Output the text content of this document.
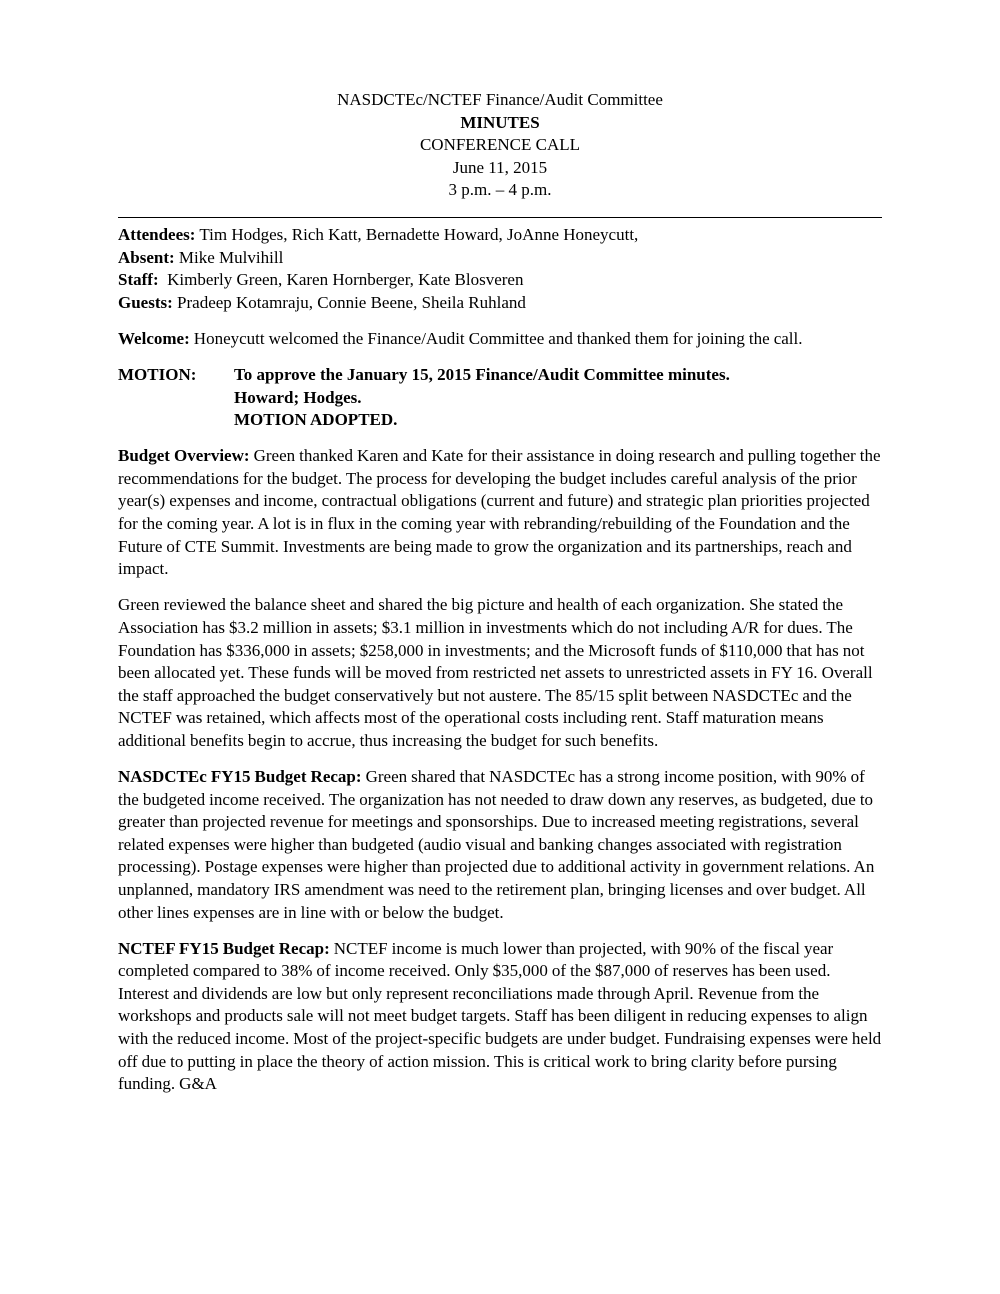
NASDCTEc/NCTEF Finance/Audit Committee
MINUTES
CONFERENCE CALL
June 11, 2015
3 p.m. – 4 p.m.

Attendees: Tim Hodges, Rich Katt, Bernadette Howard, JoAnne Honeycutt,

Absent: Mike Mulvihill

Staff:  Kimberly Green, Karen Hornberger, Kate Blosveren

Guests: Pradeep Kotamraju, Connie Beene, Sheila Ruhland

Welcome: Honeycutt welcomed the Finance/Audit Committee and thanked them for joining the call.

MOTION:	To approve the January 15, 2015 Finance/Audit Committee minutes.
Howard; Hodges.
MOTION ADOPTED.

Budget Overview: Green thanked Karen and Kate for their assistance in doing research and pulling together the recommendations for the budget. The process for developing the budget includes careful analysis of the prior year(s) expenses and income, contractual obligations (current and future) and strategic plan priorities projected for the coming year. A lot is in flux in the coming year with rebranding/rebuilding of the Foundation and the Future of CTE Summit. Investments are being made to grow the organization and its partnerships, reach and impact.

Green reviewed the balance sheet and shared the big picture and health of each organization. She stated the Association has $3.2 million in assets; $3.1 million in investments which do not including A/R for dues. The Foundation has $336,000 in assets; $258,000 in investments; and the Microsoft funds of $110,000 that has not been allocated yet. These funds will be moved from restricted net assets to unrestricted assets in FY 16. Overall the staff approached the budget conservatively but not austere. The 85/15 split between NASDCTEc and the NCTEF was retained, which affects most of the operational costs including rent. Staff maturation means additional benefits begin to accrue, thus increasing the budget for such benefits.

NASDCTEc FY15 Budget Recap: Green shared that NASDCTEc has a strong income position, with 90% of the budgeted income received. The organization has not needed to draw down any reserves, as budgeted, due to greater than projected revenue for meetings and sponsorships. Due to increased meeting registrations, several related expenses were higher than budgeted (audio visual and banking changes associated with registration processing). Postage expenses were higher than projected due to additional activity in government relations. An unplanned, mandatory IRS amendment was need to the retirement plan, bringing licenses and over budget. All other lines expenses are in line with or below the budget.

NCTEF FY15 Budget Recap: NCTEF income is much lower than projected, with 90% of the fiscal year completed compared to 38% of income received. Only $35,000 of the $87,000 of reserves has been used. Interest and dividends are low but only represent reconciliations made through April. Revenue from the workshops and products sale will not meet budget targets. Staff has been diligent in reducing expenses to align with the reduced income. Most of the project-specific budgets are under budget. Fundraising expenses were held off due to putting in place the theory of action mission. This is critical work to bring clarity before pursing funding. G&A
